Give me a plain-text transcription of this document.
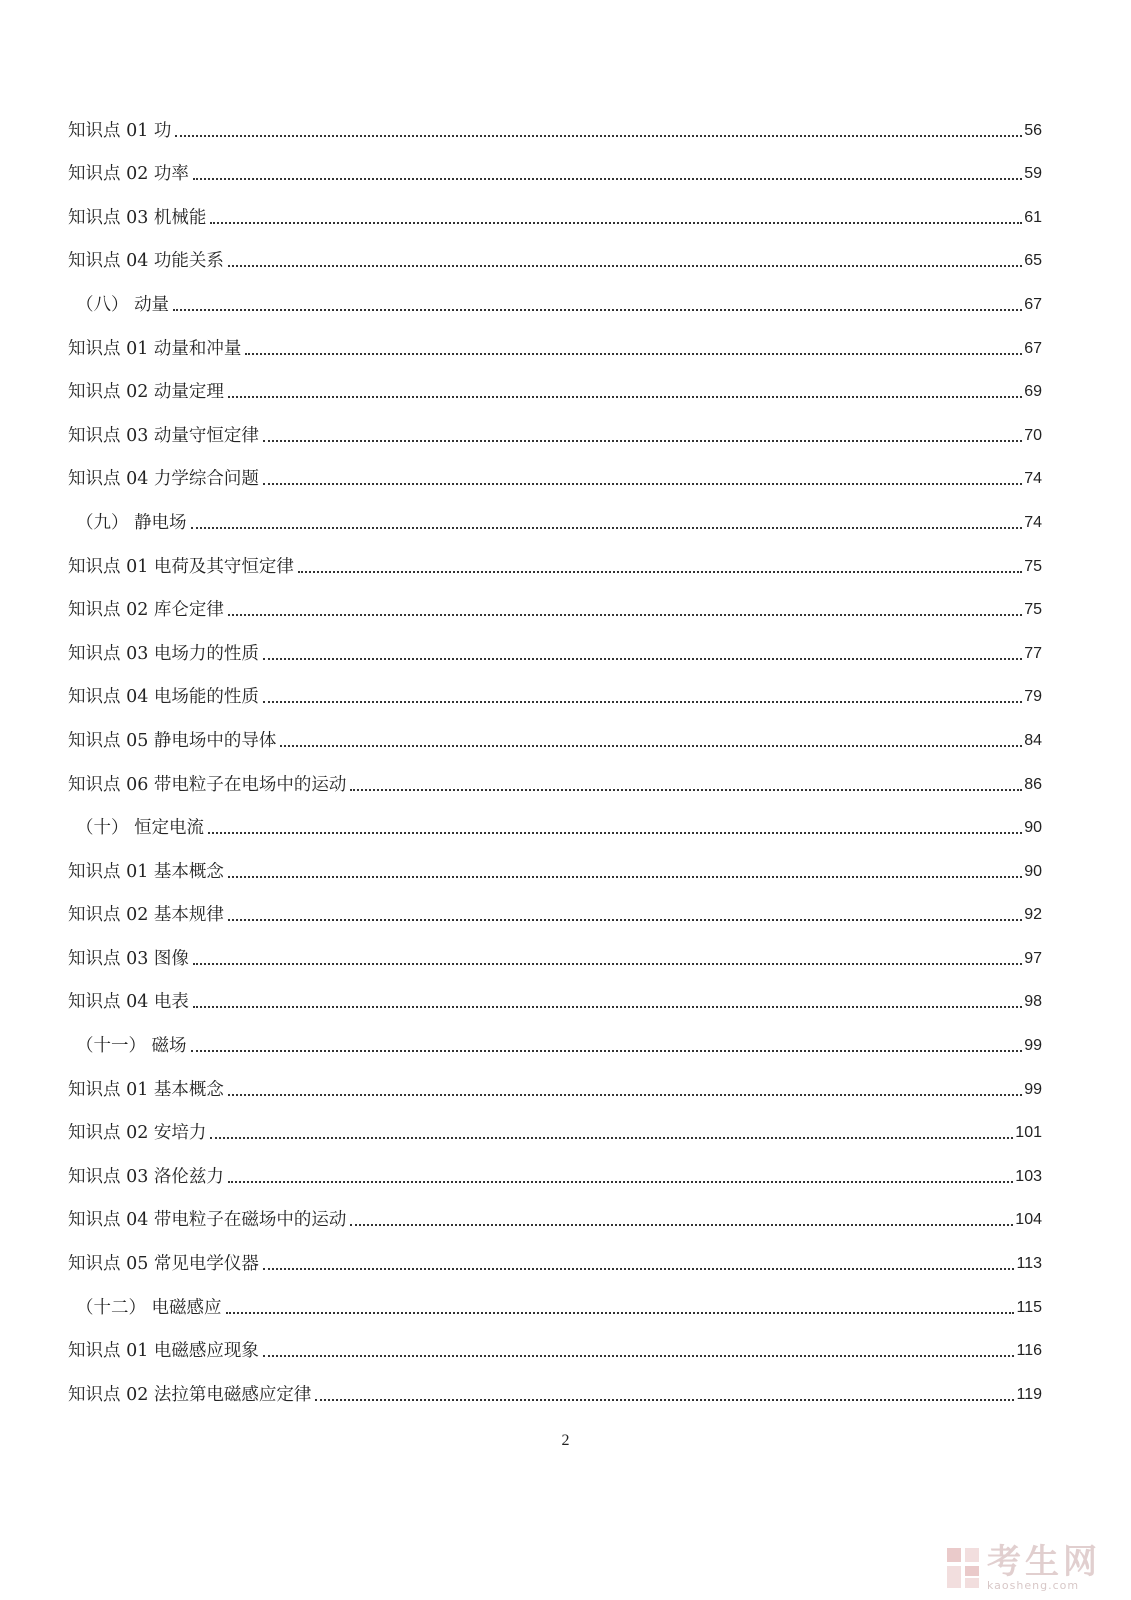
知识点 01 功	56
知识点 02 功率	59
知识点 03 机械能	61
知识点 04 功能关系	65
（八） 动量	67
知识点 01 动量和冲量	67
知识点 02 动量定理	69
知识点 03 动量守恒定律	70
知识点 04 力学综合问题	74
（九） 静电场	74
知识点 01 电荷及其守恒定律	75
知识点 02 库仑定律	75
知识点 03 电场力的性质	77
知识点 04 电场能的性质	79
知识点 05 静电场中的导体	84
知识点 06 带电粒子在电场中的运动	86
（十） 恒定电流	90
知识点 01 基本概念	90
知识点 02 基本规律	92
知识点 03 图像	97
知识点 04 电表	98
（十一） 磁场	99
知识点 01 基本概念	99
知识点 02 安培力	101
知识点 03 洛伦兹力	103
知识点 04 带电粒子在磁场中的运动	104
知识点 05 常见电学仪器	113
（十二） 电磁感应	115
知识点 01 电磁感应现象	116
知识点 02 法拉第电磁感应定律	119
2
考生网
kaosheng.com
